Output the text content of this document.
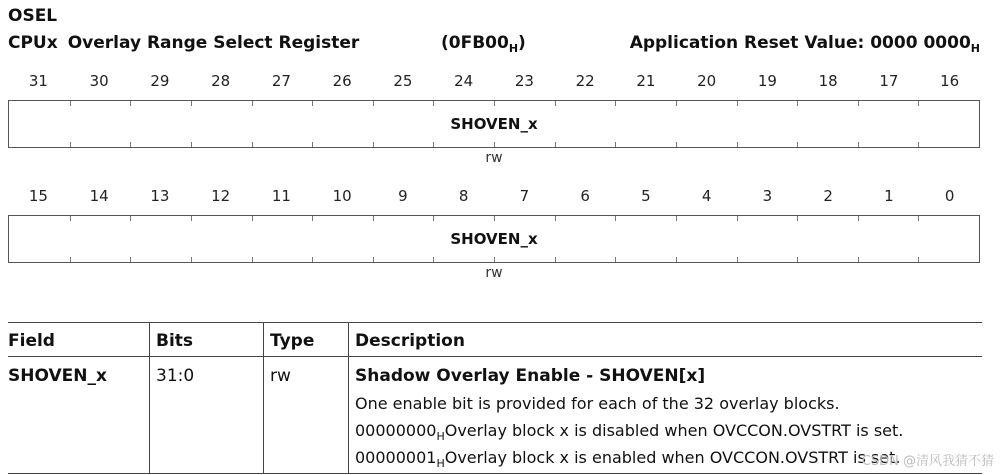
OSEL
CPUx Overlay Range Select Register	$(0FB00_H)$	Application Reset Value: 0000 $0000_H$
31	30	29	28	27	26	25	24	23	22	21	20	19	18	17	16
SHOVEN_x
rw
15	14	13	12	11	10	9	8	7	6	5	4	3	2	1	0
SHOVEN_x
rw
Field	Bits	Type	Description
SHOVEN_x	31:0	rw	Shadow Overlay Enable - SHOVEN[x]
One enable bit is provided for each of the 32 overlay blocks.
$00000000_HOverlay$ block x is disabled when OVCCON.OVSTRT is set.
$00000001_HOverlay$ block x is enabled when OVCCON.OVSTRT is set.
CSDN @清风我猜不猜
